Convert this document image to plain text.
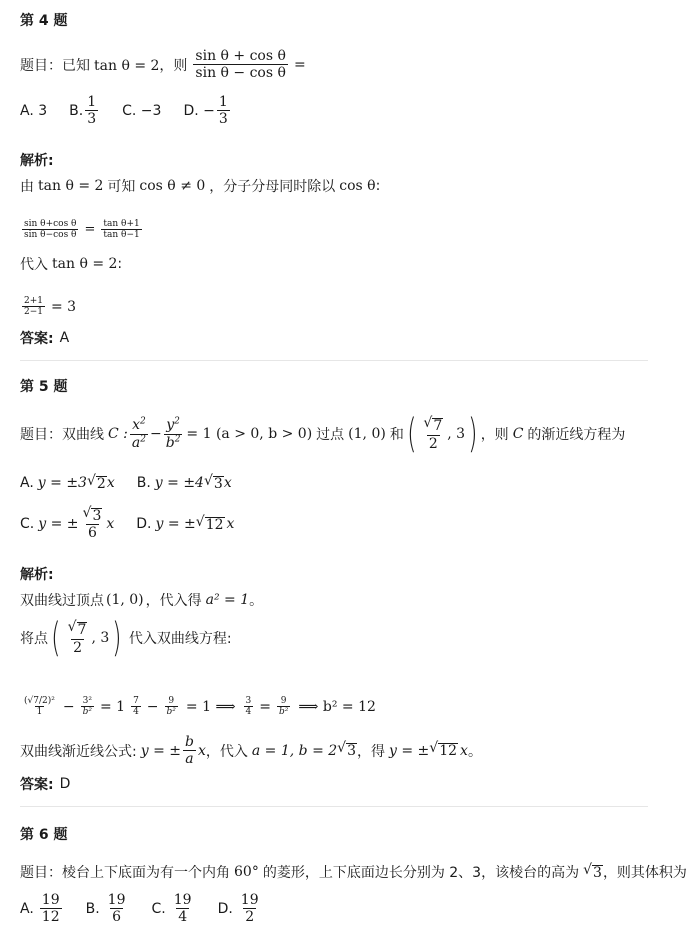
第 4 题
题目：已知 tan θ = 2，则 $\frac{\text{sin θ + cos θ}}{\text{sin θ − cos θ}}$ =
A. 3 B. $\frac{1}{3} C$. −3 D. − $\frac{1}{3}$
解析:
由 tan θ = 2 可知 cos θ ≠ 0 ，分子分母同时除以 cos θ :
$\frac{\text{sin θ+cos θ}}{\text{sin θ−cos θ}} = \frac{\text{tan θ+1}}{\text{tan θ−1}}$
代入 tan θ = 2 :
$\frac{2+1}{2-1} = 3$
答案: A
第 5 题
题目：双曲线 C : $\frac{x^2}{a^2} - \frac{y^2}{b^2} = 1$ (a > 0, b > 0) 过点 (1, 0) 和 ( $\frac{√ 7}{2}$ , 3 ) ，则 C 的渐近线方程为
A. y = ±3 √ 2 x B. y = ±4 √ 3 x
C. y = ± $\frac{√ 3}{6}$ x D. y = ± √ 12 x
解析:
双曲线过顶点 (1, 0) ，代入得 a² = 1 。
将点 ( $\frac{√ 7}{2}$ , 3 ) 代入双曲线方程:
$\frac{\text{(√7/2)²}}{1} - \frac{\text{3²}}{\text{b²}} = 1 \frac{7}{4} - \frac{9}{\text{b²}} = 1$ ⟹ $\frac{3}{4} = \frac{9}{\text{b²}}$ ⟹ b² = 12
双曲线渐近线公式: y = ± $\frac{b}{a}$ x ，代入 a = 1, b = 2 √ 3 ，得 y = ± √ 12 x 。
答案: D
第 6 题
题目：棱台上下底面为有一个内角 60° 的菱形，上下底面边长分别为 2、3，该棱台的高为 √ 3 ，则其体积为
A. $\frac{19}{12} B$. $\frac{19}{6} C$. $\frac{19}{4} D$. $\frac{19}{2}$
